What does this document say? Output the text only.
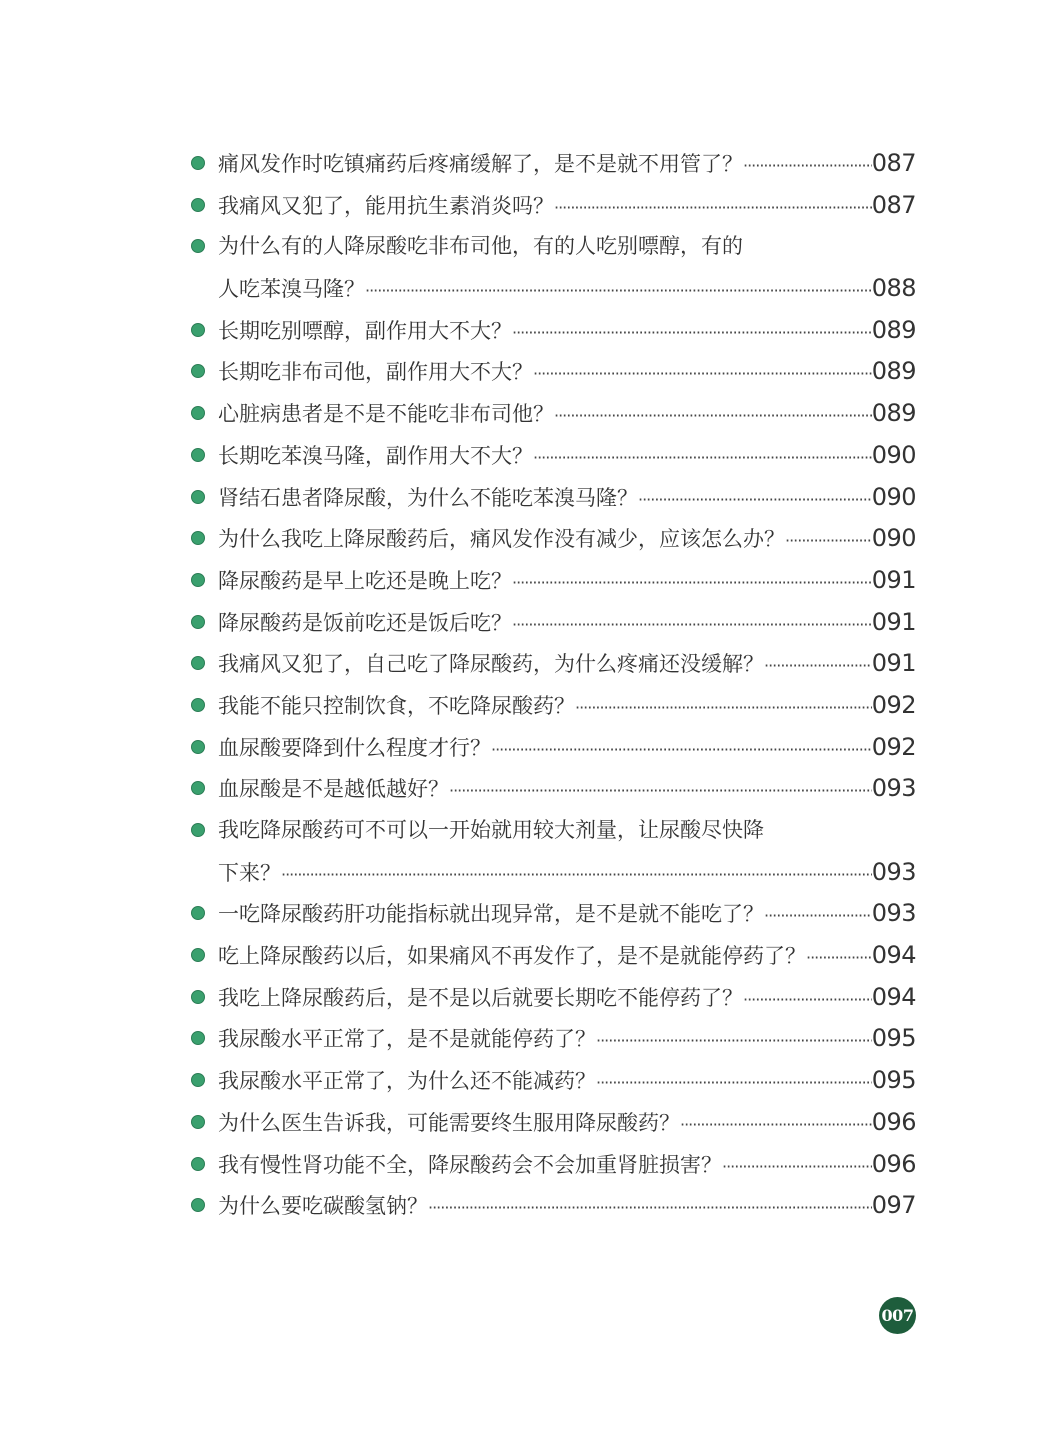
痛风发作时吃镇痛药后疼痛缓解了，是不是就不用管了？ ·····	087
我痛风又犯了，能用抗生素消炎吗？ ·····	087
为什么有的人降尿酸吃非布司他，有的人吃别嘌醇，有的
人吃苯溴马隆？ ·····	088
长期吃别嘌醇，副作用大不大？ ·····	089
长期吃非布司他，副作用大不大？ ·····	089
心脏病患者是不是不能吃非布司他？ ·····	089
长期吃苯溴马隆，副作用大不大？ ·····	090
肾结石患者降尿酸，为什么不能吃苯溴马隆？ ·····	090
为什么我吃上降尿酸药后，痛风发作没有减少，应该怎么办？ ·····	090
降尿酸药是早上吃还是晚上吃？ ·····	091
降尿酸药是饭前吃还是饭后吃？ ·····	091
我痛风又犯了，自己吃了降尿酸药，为什么疼痛还没缓解？ ·····	091
我能不能只控制饮食，不吃降尿酸药？ ·····	092
血尿酸要降到什么程度才行？ ·····	092
血尿酸是不是越低越好？ ·····	093
我吃降尿酸药可不可以一开始就用较大剂量，让尿酸尽快降
下来？ ·····	093
一吃降尿酸药肝功能指标就出现异常，是不是就不能吃了？ ·····	093
吃上降尿酸药以后，如果痛风不再发作了，是不是就能停药了？ ·····	094
我吃上降尿酸药后，是不是以后就要长期吃不能停药了？ ·····	094
我尿酸水平正常了，是不是就能停药了？ ·····	095
我尿酸水平正常了，为什么还不能减药？ ·····	095
为什么医生告诉我，可能需要终生服用降尿酸药？ ·····	096
我有慢性肾功能不全，降尿酸药会不会加重肾脏损害？ ·····	096
为什么要吃碳酸氢钠？ ·····	097
007
